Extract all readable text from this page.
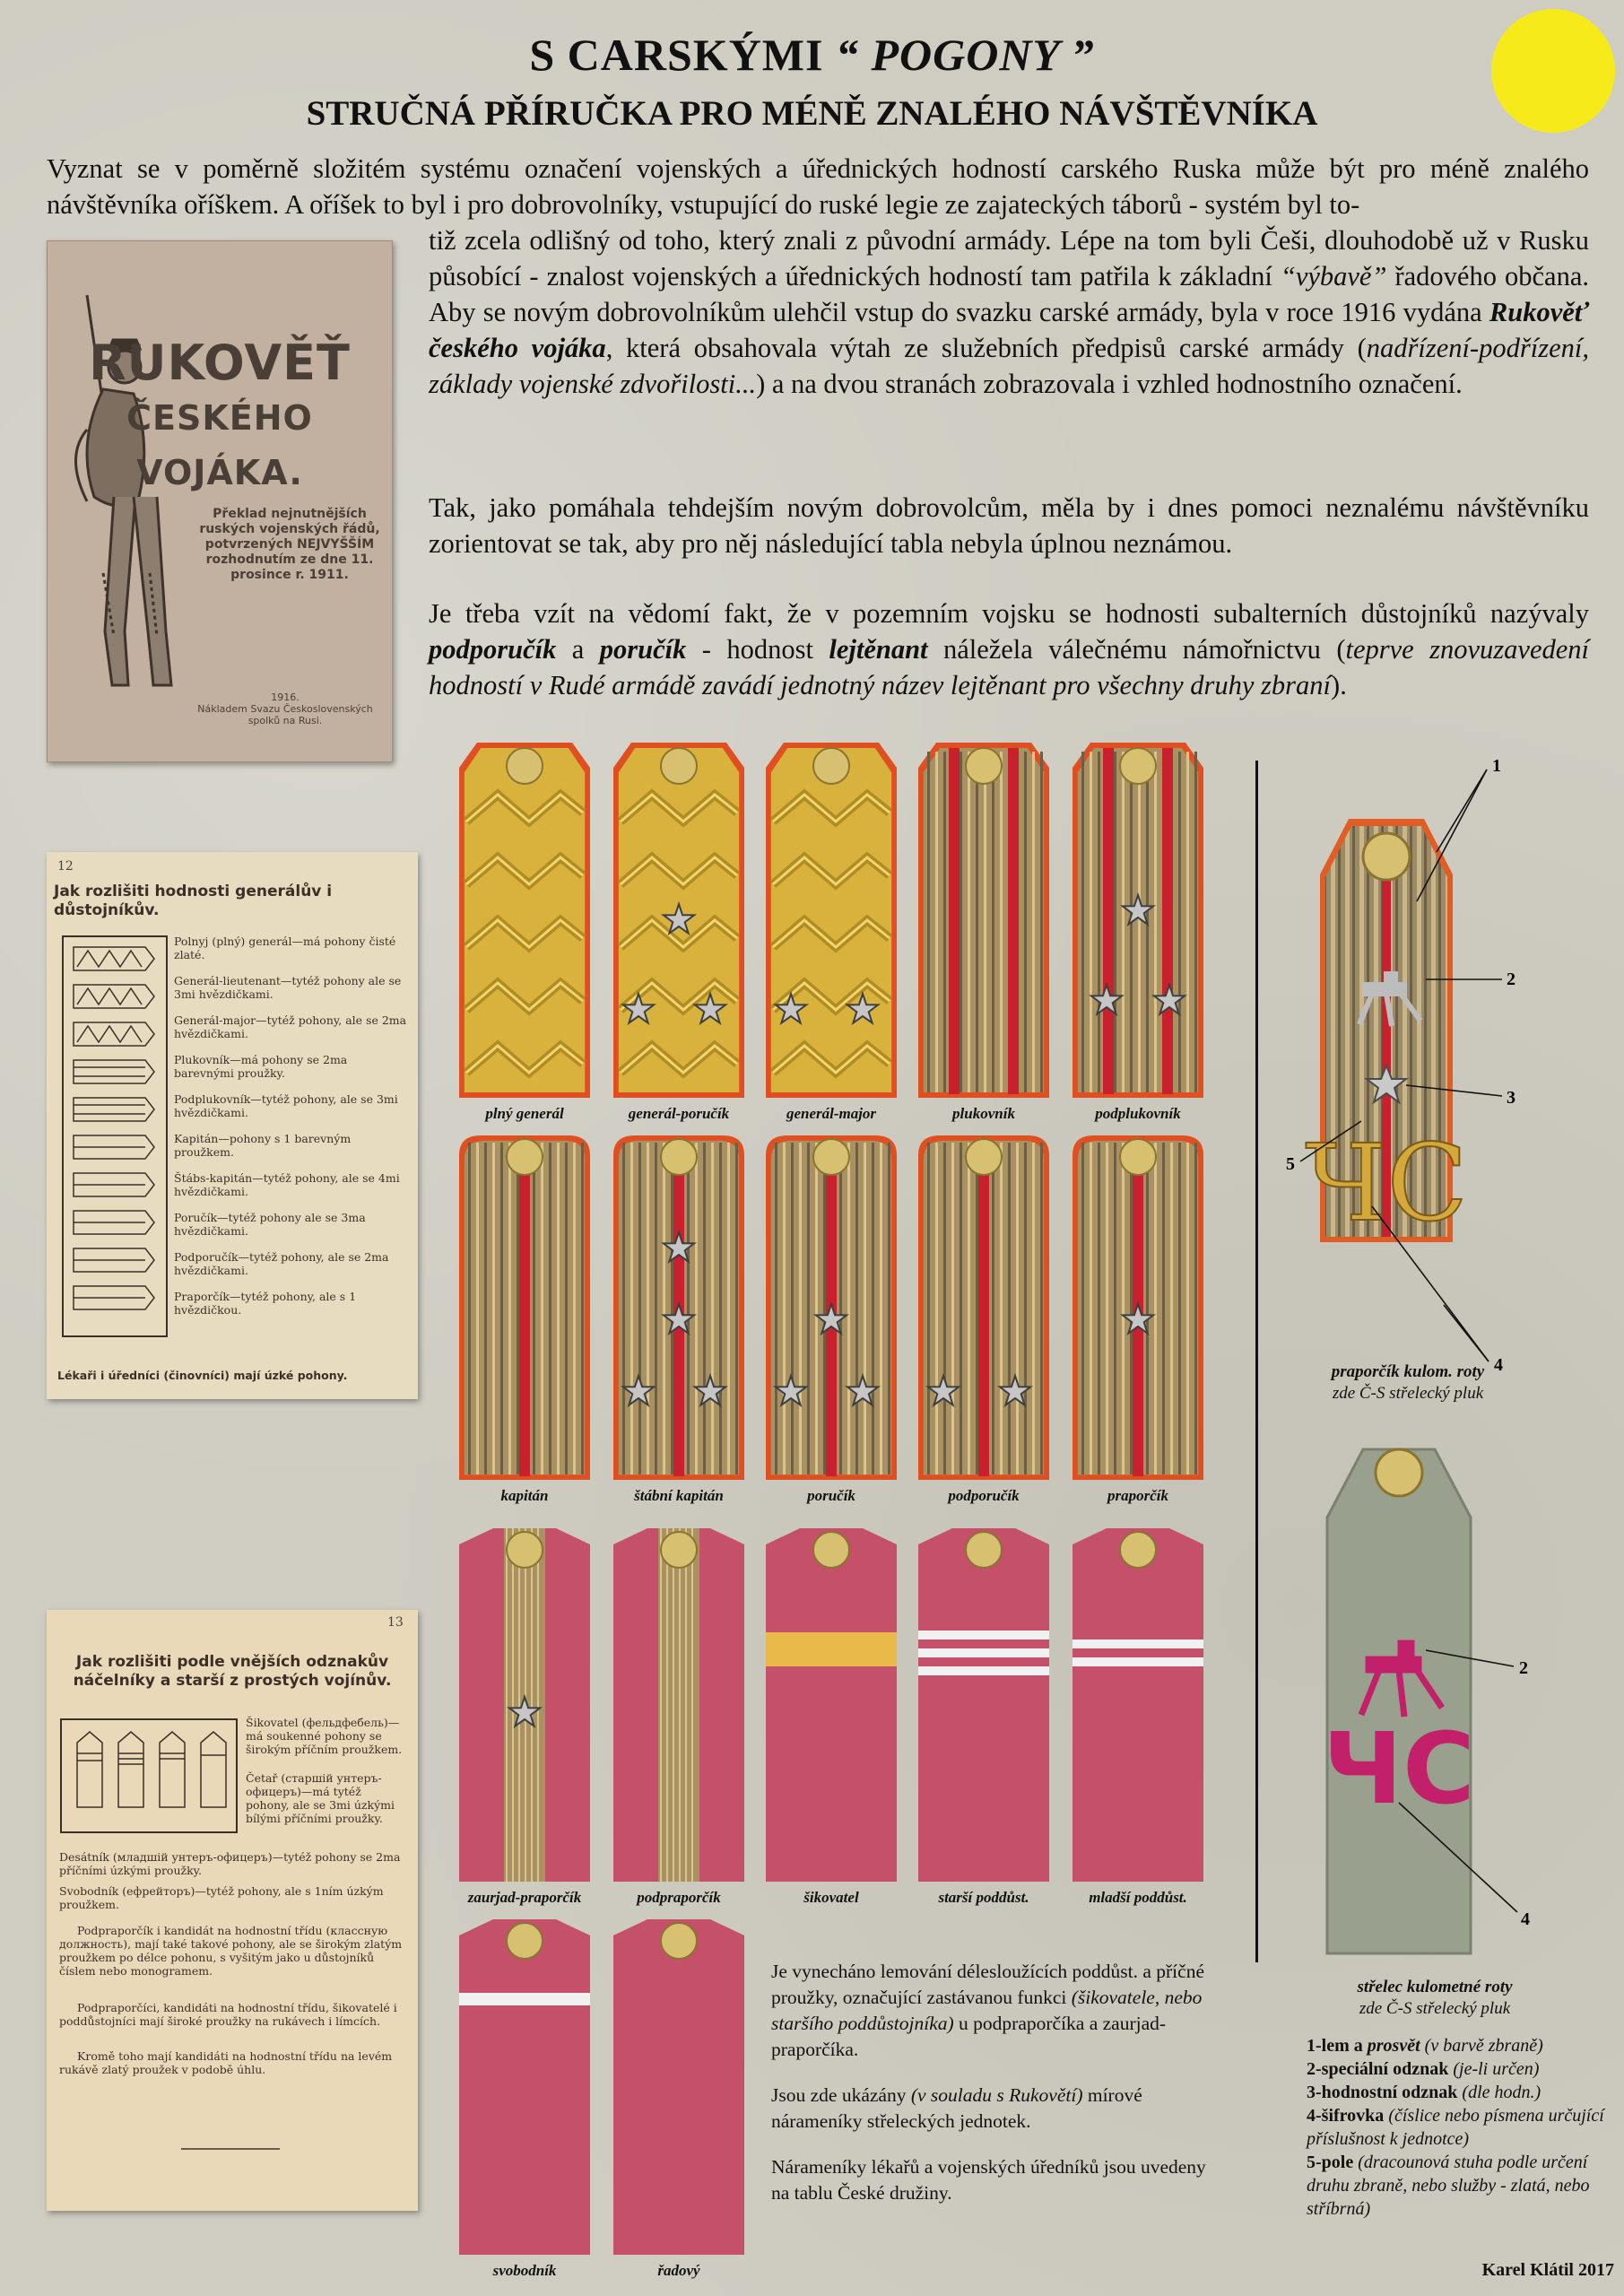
S CARSKÝMI “ POGONY ”
STRUČNÁ PŘÍRUČKA PRO MÉNĚ ZNALÉHO NÁVŠTĚVNÍKA
Vyznat se v poměrně složitém systému označení vojenských a úřednických hodností carského Ruska může být pro méně znalého návštěvníka oříškem. A oříšek to byl i pro dobrovolníky, vstupující do ruské legie ze zajateckých táborů - systém byl to-
tiž zcela odlišný od toho, který znali z původní armády. Lépe na tom byli Češi, dlouhodobě už v Rusku působící - znalost vojenských a úřednických hodností tam patřila k základní “výbavě” řadového občana. Aby se novým dobrovolníkům ulehčil vstup do svazku carské armády, byla v roce 1916 vydána Rukověť českého vojáka, která obsahovala výtah ze služebních předpisů carské armády (nadřízení-podřízení, základy vojenské zdvořilosti...) a na dvou stranách zobrazovala i vzhled hodnostního označení.
Tak, jako pomáhala tehdejším novým dobrovolcům, měla by i dnes pomoci neznalému návštěvníku zorientovat se tak, aby pro něj následující tabla nebyla úplnou neznámou.
Je třeba vzít na vědomí fakt, že v pozemním vojsku se hodnosti subalterních důstojníků nazývaly podporučík a poručík - hodnost lejtěnant náleželа válečnému námořnictvu (teprve znovuzavedení hodností v Rudé armádě zavádí jednotný název lejtěnant pro všechny druhy zbraní).
RUKOVĚŤ
ČESKÉHO
VOJÁKA.
Překlad nejnutnějších ruských vojenských řádů, potvrzených NEJVYŠŠÍM rozhodnutím ze dne 11. prosince r. 1911.
1916.
Nákladem Svazu Československých spolků na Rusi.
12
Jak rozlišiti hodnosti generálův i důstojníkův.
Polnyj (plný) generál—má pohony čisté zlaté.
Generál-lieutenant—tytéž pohony ale se 3mi hvězdičkami.
Generál-major—tytéž pohony, ale se 2ma hvězdičkami.
Plukovník—má pohony se 2ma barevnými proužky.
Podplukovník—tytéž pohony, ale se 3mi hvězdičkami.
Kapitán—pohony s 1 barevným proužkem.
Štábs-kapitán—tytéž pohony, ale se 4mi hvězdičkami.
Poručík—tytéž pohony ale se 3ma hvězdičkami.
Podporučík—tytéž pohony, ale se 2ma hvězdičkami.
Praporčík—tytéž pohony, ale s 1 hvězdičkou.
Lékaři i úředníci (činovníci) mají úzké pohony.
13
Jak rozlišiti podle vnějších odznakův náčelníky a starší z prostých vojínův.
Šikovatel (фельдфебель)—má soukenné pohony se širokým příčním proužkem.
Četař (старшій унтеръ-офицеръ)—má tytéž pohony, ale se 3mi úzkými bílými příčními proužky.
Desátník (младшій унтеръ-офицеръ)—tytéž pohony se 2ma příčními úzkými proužky.
Svobodník (ефрейторъ)—tytéž pohony, ale s 1ním úzkým proužkem.
Podpraporčík i kandidát na hodnostní třídu (классную должность), mají také takové pohony, ale se širokým zlatým proužkem po délce pohonu, s vyšitým jako u důstojníků číslem nebo monogramem.
Podpraporčíci, kandidáti na hodnostní třídu, šikovatelé i poddůstojníci mají široké proužky na rukávech i límcích.
Kromě toho mají kandidáti na hodnostní třídu na levém rukávě zlatý proužek v podobě úhlu.
plný generál	generál-poručík	generál-major	plukovník	podplukovník
kapitán	štábní kapitán	poručík	podporučík	praporčík
zaurjad-praporčík	podpraporčík	šikovatel	starší poddůst.	mladší poddůst.
svobodník	řadový
ЧС
1
2
3
5
4
praporčík kulom. roty
zde Č-S střelecký pluk
ЧС
2
4
střelec kulometné roty
zde Č-S střelecký pluk
1-lem a prosvět (v barvě zbraně)
2-speciální odznak (je-li určen)
3-hodnostní odznak (dle hodn.)
4-šifrovka (číslice nebo písmena určující příslušnost k jednotce)
5-pole (dracounová stuha podle určení druhu zbraně, nebo služby - zlatá, nebo stříbrná)

Je vynecháno lemování délesloužících poddůst. a příčné proužky, označující zastávanou funkci (šikovatele, nebo staršího poddůstojníka) u podpraporčíka a zaurjad-praporčíka.

Jsou zde ukázány (v souladu s Rukovětí) mírové nárameníky střeleckých jednotek.

Nárameníky lékařů a vojenských úředníků jsou uvedeny na tablu České družiny.

Karel Klátil 2017
